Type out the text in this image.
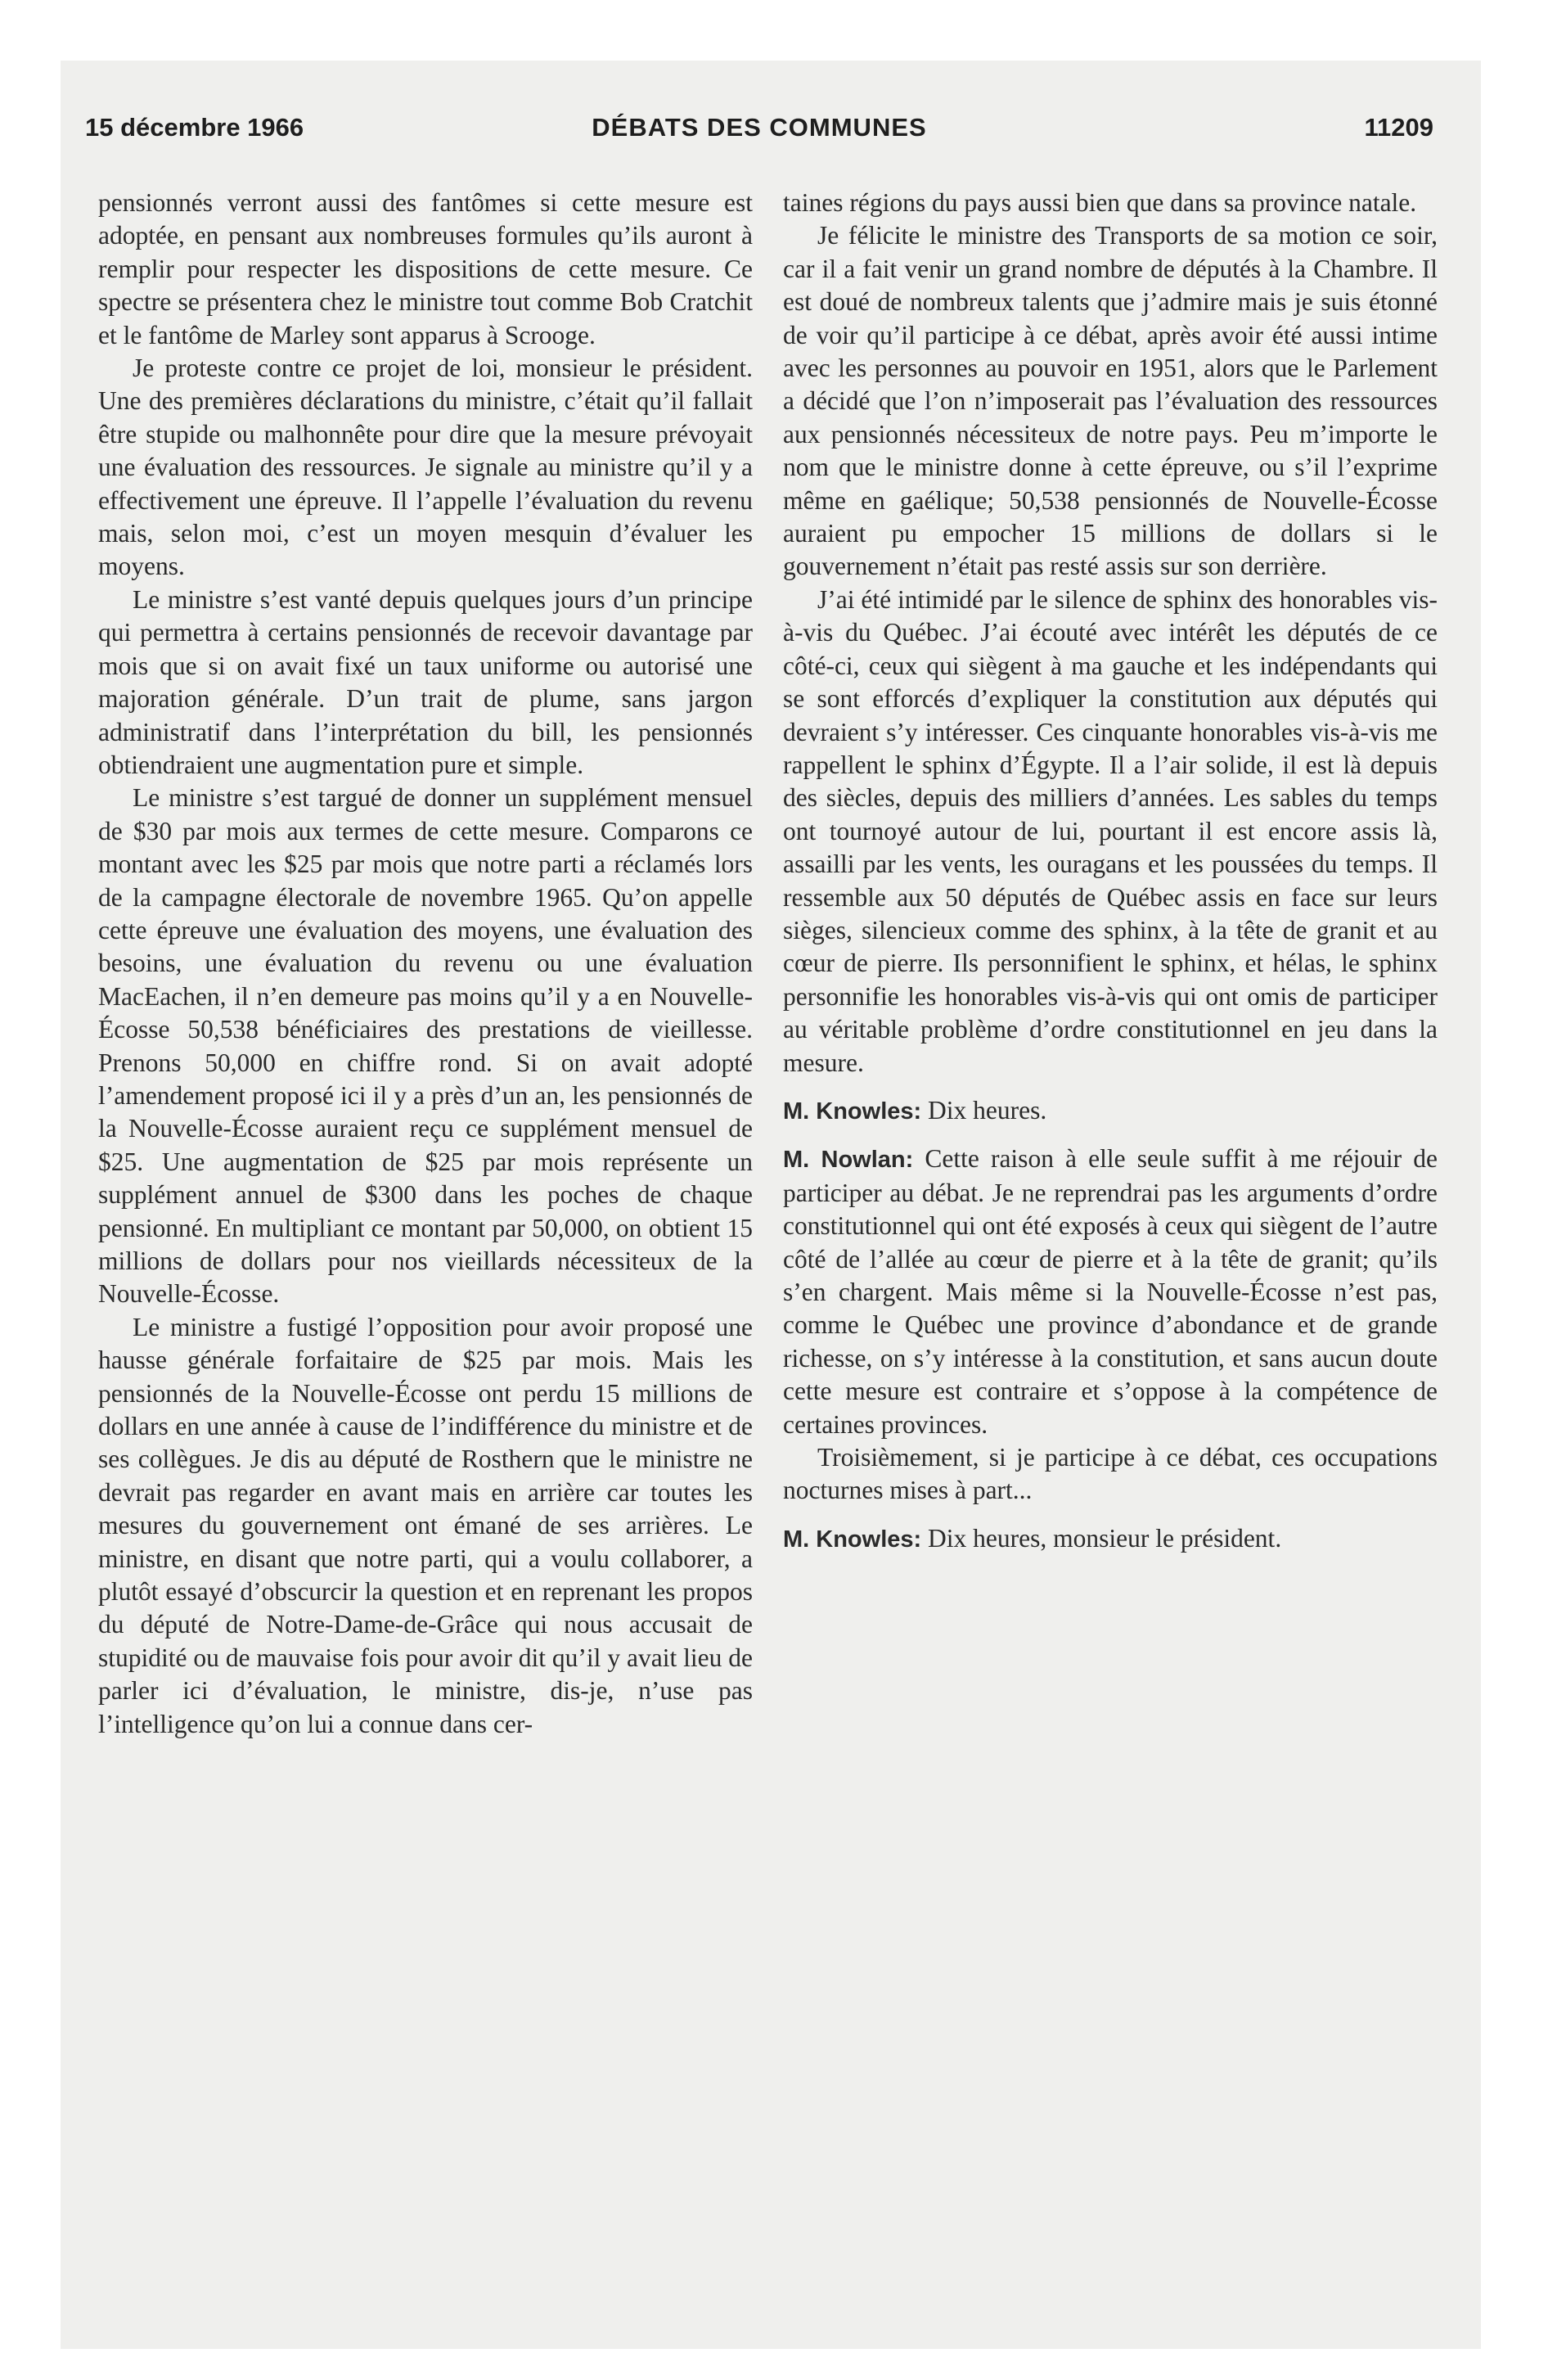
15 décembre 1966	DÉBATS DES COMMUNES	11209

pensionnés verront aussi des fantômes si cette mesure est adoptée, en pensant aux nombreuses formules qu’ils auront à remplir pour respecter les dispositions de cette mesure. Ce spectre se présentera chez le ministre tout comme Bob Cratchit et le fantôme de Marley sont apparus à Scrooge.

Je proteste contre ce projet de loi, monsieur le président. Une des premières déclarations du ministre, c’était qu’il fallait être stupide ou malhonnête pour dire que la mesure prévoyait une évaluation des ressources. Je signale au ministre qu’il y a effectivement une épreuve. Il l’appelle l’évaluation du revenu mais, selon moi, c’est un moyen mesquin d’évaluer les moyens.

Le ministre s’est vanté depuis quelques jours d’un principe qui permettra à certains pensionnés de recevoir davantage par mois que si on avait fixé un taux uniforme ou autorisé une majoration générale. D’un trait de plume, sans jargon administratif dans l’interprétation du bill, les pensionnés obtiendraient une augmentation pure et simple.

Le ministre s’est targué de donner un supplément mensuel de $30 par mois aux termes de cette mesure. Comparons ce montant avec les $25 par mois que notre parti a réclamés lors de la campagne électorale de novembre 1965. Qu’on appelle cette épreuve une évaluation des moyens, une évaluation des besoins, une évaluation du revenu ou une évaluation MacEachen, il n’en demeure pas moins qu’il y a en Nouvelle-Écosse 50,538 bénéficiaires des prestations de vieillesse. Prenons 50,000 en chiffre rond. Si on avait adopté l’amendement proposé ici il y a près d’un an, les pensionnés de la Nouvelle-Écosse auraient reçu ce supplément mensuel de $25. Une augmentation de $25 par mois représente un supplément annuel de $300 dans les poches de chaque pensionné. En multipliant ce montant par 50,000, on obtient 15 millions de dollars pour nos vieillards nécessiteux de la Nouvelle-Écosse.

Le ministre a fustigé l’opposition pour avoir proposé une hausse générale forfaitaire de $25 par mois. Mais les pensionnés de la Nouvelle-Écosse ont perdu 15 millions de dollars en une année à cause de l’indifférence du ministre et de ses collègues. Je dis au député de Rosthern que le ministre ne devrait pas regarder en avant mais en arrière car toutes les mesures du gouvernement ont émané de ses arrières. Le ministre, en disant que notre parti, qui a voulu collaborer, a plutôt essayé d’obscurcir la question et en reprenant les propos du député de Notre-Dame-de-Grâce qui nous accusait de stupidité ou de mauvaise fois pour avoir dit qu’il y avait lieu de parler ici d’évaluation, le ministre, dis-je, n’use pas l’intelligence qu’on lui a connue dans cer-

taines régions du pays aussi bien que dans sa province natale.

Je félicite le ministre des Transports de sa motion ce soir, car il a fait venir un grand nombre de députés à la Chambre. Il est doué de nombreux talents que j’admire mais je suis étonné de voir qu’il participe à ce débat, après avoir été aussi intime avec les personnes au pouvoir en 1951, alors que le Parlement a décidé que l’on n’imposerait pas l’évaluation des ressources aux pensionnés nécessiteux de notre pays. Peu m’importe le nom que le ministre donne à cette épreuve, ou s’il l’exprime même en gaélique; 50,538 pensionnés de Nouvelle-Écosse auraient pu empocher 15 millions de dollars si le gouvernement n’était pas resté assis sur son derrière.

J’ai été intimidé par le silence de sphinx des honorables vis-à-vis du Québec. J’ai écouté avec intérêt les députés de ce côté-ci, ceux qui siègent à ma gauche et les indépendants qui se sont efforcés d’expliquer la constitution aux députés qui devraient s’y intéresser. Ces cinquante honorables vis-à-vis me rappellent le sphinx d’Égypte. Il a l’air solide, il est là depuis des siècles, depuis des milliers d’années. Les sables du temps ont tournoyé autour de lui, pourtant il est encore assis là, assailli par les vents, les ouragans et les poussées du temps. Il ressemble aux 50 députés de Québec assis en face sur leurs sièges, silencieux comme des sphinx, à la tête de granit et au cœur de pierre. Ils personnifient le sphinx, et hélas, le sphinx personnifie les honorables vis-à-vis qui ont omis de participer au véritable problème d’ordre constitutionnel en jeu dans la mesure.

M. Knowles: Dix heures.

M. Nowlan: Cette raison à elle seule suffit à me réjouir de participer au débat. Je ne reprendrai pas les arguments d’ordre constitutionnel qui ont été exposés à ceux qui siègent de l’autre côté de l’allée au cœur de pierre et à la tête de granit; qu’ils s’en chargent. Mais même si la Nouvelle-Écosse n’est pas, comme le Québec une province d’abondance et de grande richesse, on s’y intéresse à la constitution, et sans aucun doute cette mesure est contraire et s’oppose à la compétence de certaines provinces.

Troisièmement, si je participe à ce débat, ces occupations nocturnes mises à part...

M. Knowles: Dix heures, monsieur le président.
